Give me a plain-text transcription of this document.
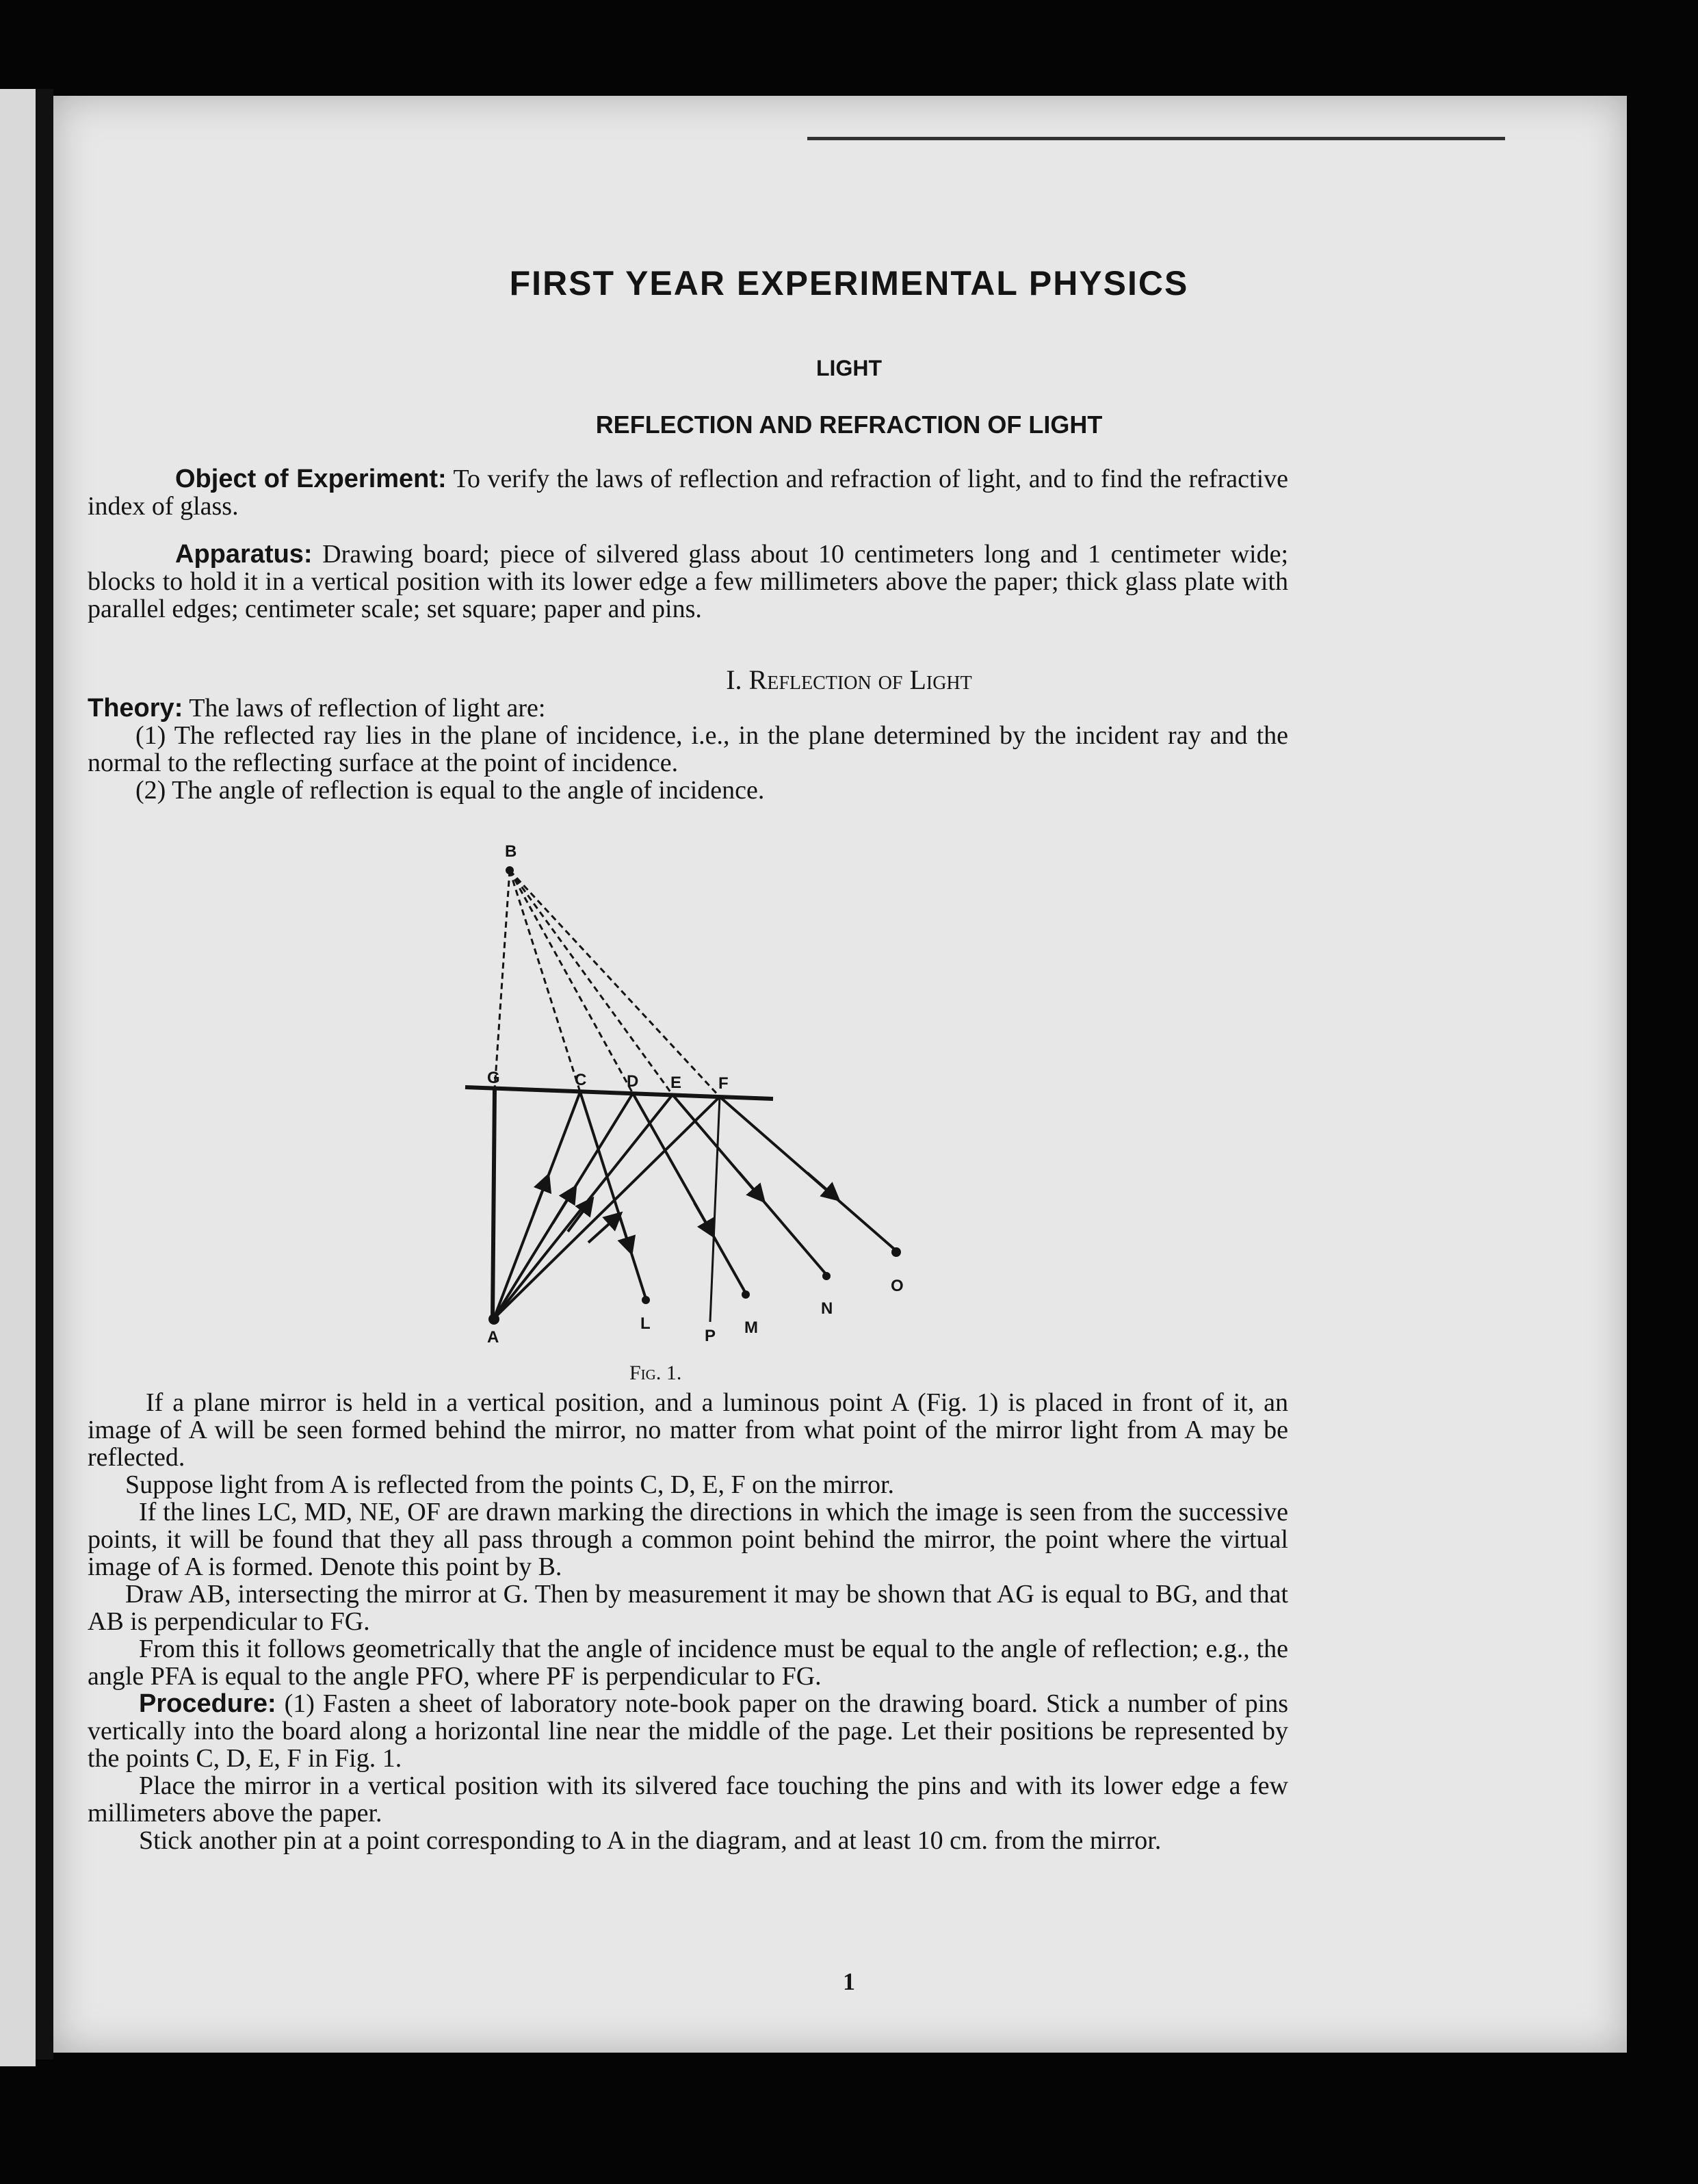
FIRST YEAR EXPERIMENTAL PHYSICS
LIGHT
REFLECTION AND REFRACTION OF LIGHT

Object of Experiment: To verify the laws of reflection and refraction of light, and to find the refractive index of glass.

Apparatus: Drawing board; piece of silvered glass about 10 centimeters long and 1 centimeter wide; blocks to hold it in a vertical position with its lower edge a few millimeters above the paper; thick glass plate with parallel edges; centimeter scale; set square; paper and pins.

I. Reflection of Light

Theory: The laws of reflection of light are:

(1) The reflected ray lies in the plane of incidence, i.e., in the plane determined by the incident ray and the normal to the reflecting surface at the point of incidence.

(2) The angle of reflection is equal to the angle of incidence.

B
A
G	C D E F
L
P M
N
O
Fig. 1.

If a plane mirror is held in a vertical position, and a luminous point A (Fig. 1) is placed in front of it, an image of A will be seen formed behind the mirror, no matter from what point of the mirror light from A may be reflected.

Suppose light from A is reflected from the points C, D, E, F on the mirror.

If the lines LC, MD, NE, OF are drawn marking the directions in which the image is seen from the successive points, it will be found that they all pass through a common point behind the mirror, the point where the virtual image of A is formed. Denote this point by B.

Draw AB, intersecting the mirror at G. Then by measurement it may be shown that AG is equal to BG, and that AB is perpendicular to FG.

From this it follows geometrically that the angle of incidence must be equal to the angle of reflection; e.g., the angle PFA is equal to the angle PFO, where PF is perpendicular to FG.

Procedure: (1) Fasten a sheet of laboratory note-book paper on the drawing board. Stick a number of pins vertically into the board along a horizontal line near the middle of the page. Let their positions be represented by the points C, D, E, F in Fig. 1.

Place the mirror in a vertical position with its silvered face touching the pins and with its lower edge a few millimeters above the paper.

Stick another pin at a point corresponding to A in the diagram, and at least 10 cm. from the mirror.

1
